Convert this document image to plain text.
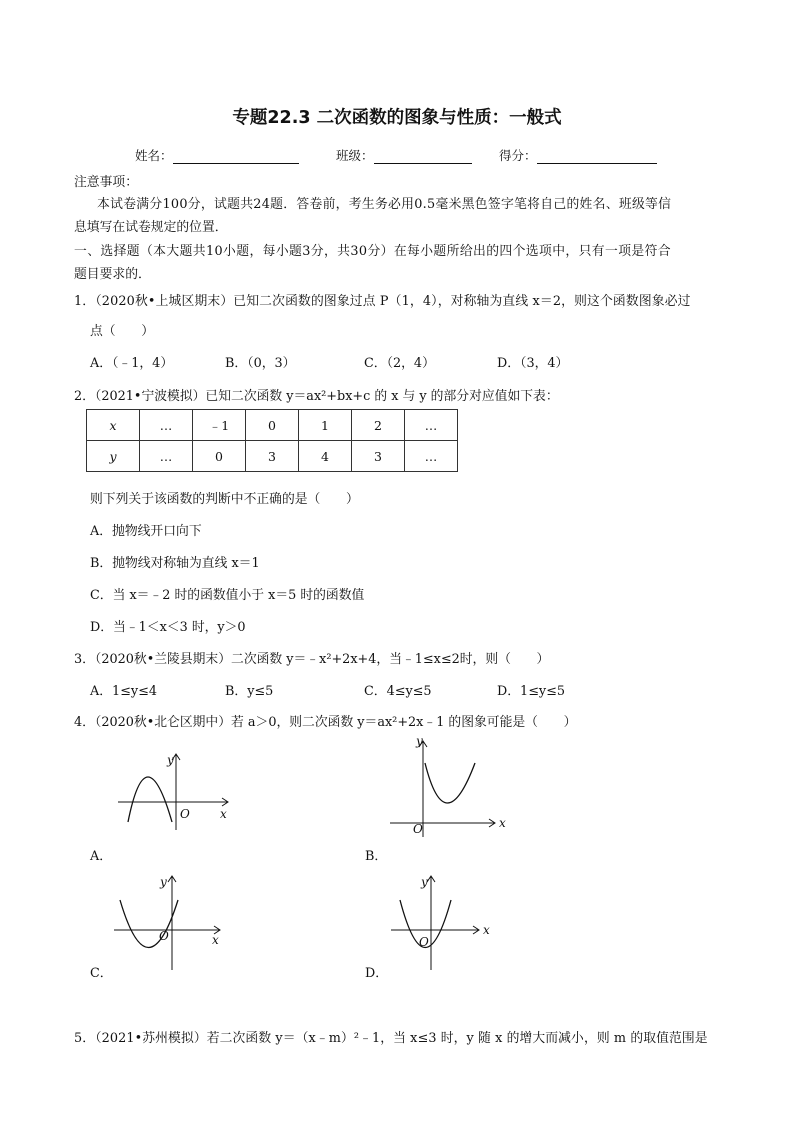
专题22.3 二次函数的图象与性质：一般式
姓名：	班级：	得分：
注意事项：
本试卷满分100分，试题共24题．答卷前，考生务必用0.5毫米黑色签字笔将自己的姓名、班级等信
息填写在试卷规定的位置．
一、选择题（本大题共10小题，每小题3分，共30分）在每小题所给出的四个选项中，只有一项是符合
题目要求的．
1．（2020秋•上城区期末）已知二次函数的图象过点 P（1，4），对称轴为直线 x＝2，则这个函数图象必过
点（　　）
A．（﹣1，4）	B．（0，3）	C．（2，4）	D．（3，4）
2．（2021•宁波模拟）已知二次函数 y＝ax²+bx+c 的 x 与 y 的部分对应值如下表：
x	…	﹣1	0	1	2	…
y	…	0	3	4	3	…
则下列关于该函数的判断中不正确的是（　　）
A．抛物线开口向下
B．抛物线对称轴为直线 x＝1
C．当 x＝﹣2 时的函数值小于 x＝5 时的函数值
D．当﹣1＜x＜3 时，y＞0
3．（2020秋•兰陵县期末）二次函数 y＝﹣x²+2x+4，当﹣1≤x≤2时，则（　　）
A．1≤y≤4	B．y≤5	C．4≤y≤5	D．1≤y≤5
4．（2020秋•北仑区期中）若 a＞0，则二次函数 y＝ax²+2x﹣1 的图象可能是（　　）
y
x
O
A．
y
x
O
B．
y
x
O
C．
y
x
O
D．
5．（2021•苏州模拟）若二次函数 y＝（x﹣m）²﹣1，当 x≤3 时，y 随 x 的增大而减小，则 m 的取值范围是
